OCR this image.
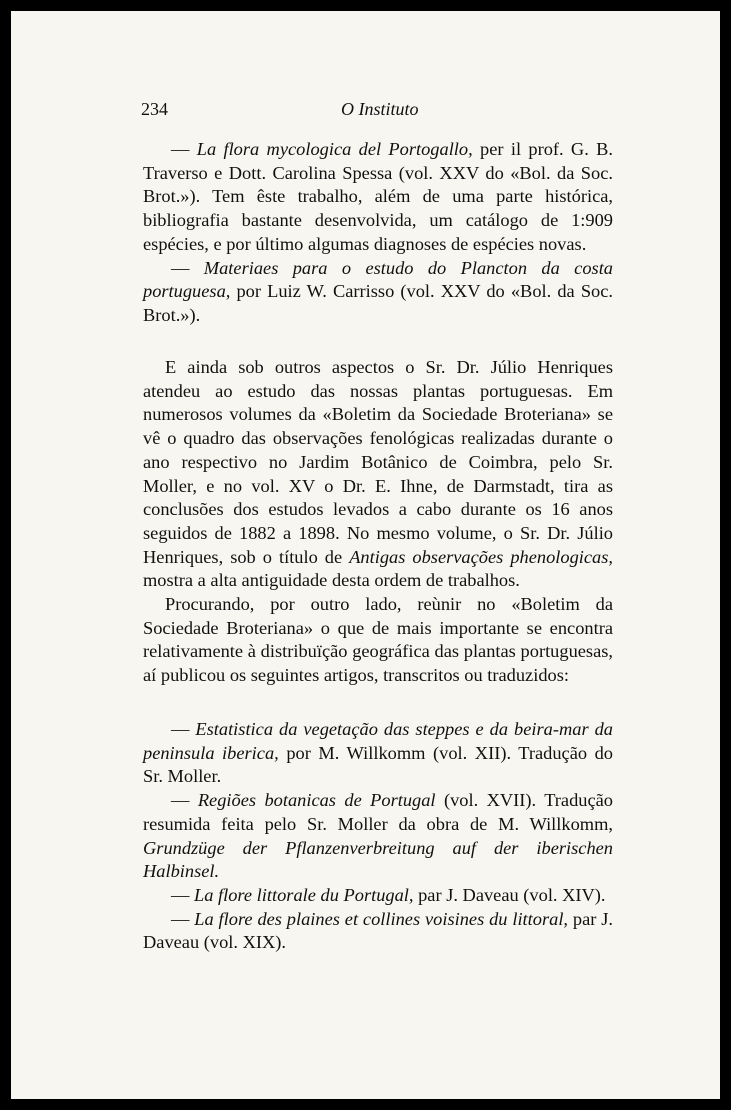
234	O Instituto

— La flora mycologica del Portogallo, per il prof. G. B. Traverso e Dott. Carolina Spessa (vol. XXV do «Bol. da Soc. Brot.»). Tem êste trabalho, além de uma parte histórica, bibliografia bastante desenvolvida, um catálogo de 1:909 espécies, e por último algumas diagnoses de espécies novas.

— Materiaes para o estudo do Plancton da costa portuguesa, por Luiz W. Carrisso (vol. XXV do «Bol. da Soc. Brot.»).

E ainda sob outros aspectos o Sr. Dr. Júlio Henriques atendeu ao estudo das nossas plantas portuguesas. Em numerosos volumes da «Boletim da Sociedade Broteriana» se vê o quadro das observações fenológicas realizadas durante o ano respectivo no Jardim Botânico de Coimbra, pelo Sr. Moller, e no vol. XV o Dr. E. Ihne, de Darmstadt, tira as conclusões dos estudos levados a cabo durante os 16 anos seguidos de 1882 a 1898. No mesmo volume, o Sr. Dr. Júlio Henriques, sob o título de Antigas observações phenologicas, mostra a alta antiguidade desta ordem de trabalhos.

Procurando, por outro lado, reùnir no «Boletim da Sociedade Broteriana» o que de mais importante se encontra relativamente à distribuïção geográfica das plantas portuguesas, aí publicou os seguintes artigos, transcritos ou traduzidos:

— Estatistica da vegetação das steppes e da beira-mar da peninsula iberica, por M. Willkomm (vol. XII). Tradução do Sr. Moller.

— Regiões botanicas de Portugal (vol. XVII). Tradução resumida feita pelo Sr. Moller da obra de M. Willkomm, Grundzüge der Pflanzenverbreitung auf der iberischen Halbinsel.

— La flore littorale du Portugal, par J. Daveau (vol. XIV).

— La flore des plaines et collines voisines du littoral, par J. Daveau (vol. XIX).
